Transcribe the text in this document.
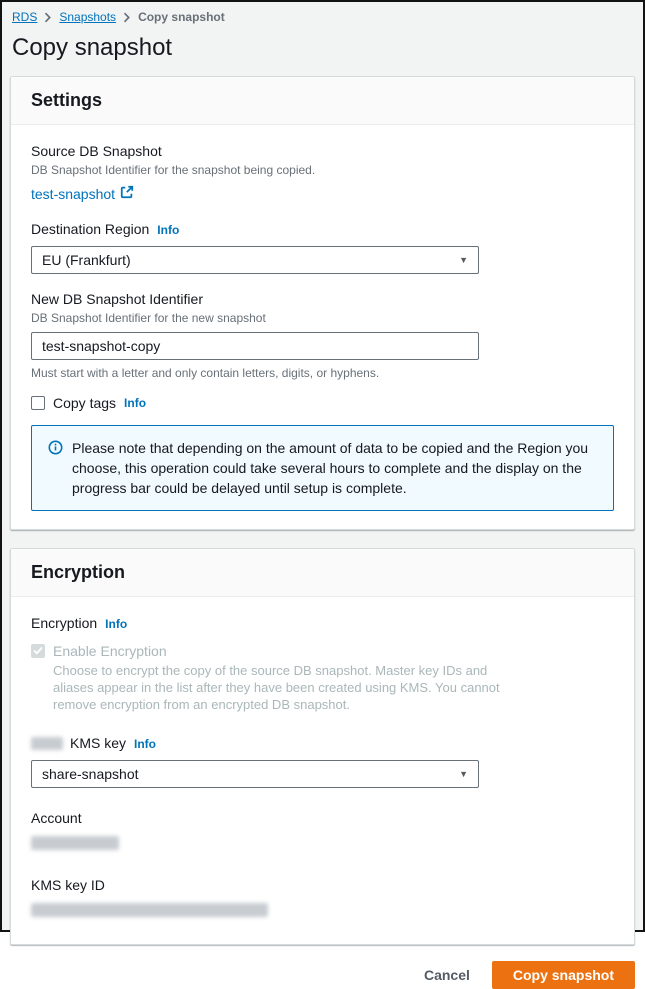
RDS Snapshots Copy snapshot
Copy snapshot
Settings
Source DB Snapshot
DB Snapshot Identifier for the snapshot being copied.
test-snapshot
Destination Region Info
EU (Frankfurt)	▼
New DB Snapshot Identifier
DB Snapshot Identifier for the new snapshot
test-snapshot-copy
Must start with a letter and only contain letters, digits, or hyphens.
Copy tags Info
Please note that depending on the amount of data to be copied and the Region you choose, this operation could take several hours to complete and the display on the progress bar could be delayed until setup is complete.
Encryption
Encryption Info
Enable Encryption
Choose to encrypt the copy of the source DB snapshot. Master key IDs and aliases appear in the list after they have been created using KMS. You cannot remove encryption from an encrypted DB snapshot.
KMS key Info
share-snapshot	▼
Account
KMS key ID
Cancel	Copy snapshot
